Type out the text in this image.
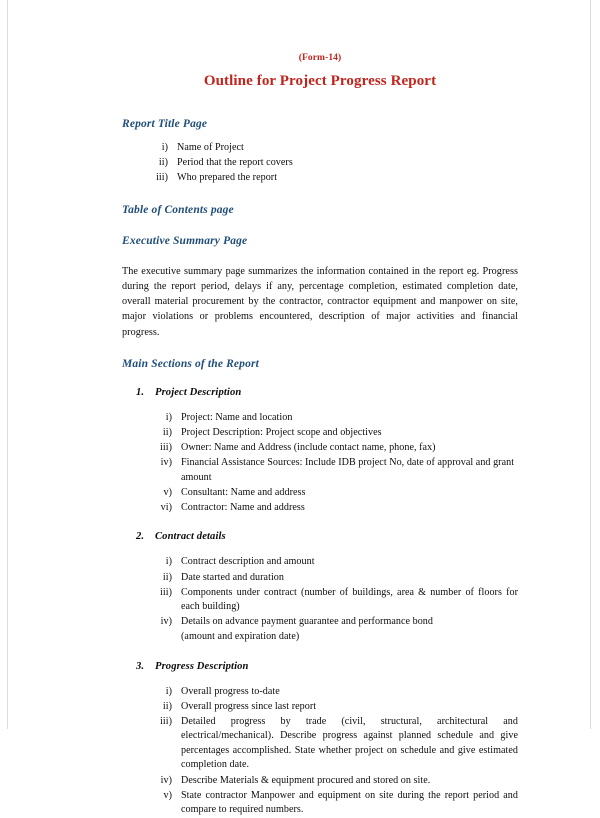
(Form-14)
Outline for Project Progress Report
Report Title Page
i) Name of Project
ii) Period that the report covers
iii) Who prepared the report
Table of Contents page
Executive Summary Page
The executive summary page summarizes the information contained in the report eg. Progress during the report period, delays if any, percentage completion, estimated completion date, overall material procurement by the contractor, contractor equipment and manpower on site, major violations or problems encountered, description of major activities and financial progress.
Main Sections of the Report
1.	Project Description
i) Project: Name and location
ii) Project Description: Project scope and objectives
iii) Owner: Name and Address (include contact name, phone, fax)
iv) Financial Assistance Sources: Include IDB project No, date of approval and grant amount
v) Consultant: Name and address
vi) Contractor: Name and address
2.	Contract details
i) Contract description and amount
ii) Date started and duration
iii) Components under contract (number of buildings, area & number of floors for each building)
iv) Details on advance payment guarantee and performance bond
(amount and expiration date)
3.	Progress Description
i) Overall progress to-date
ii) Overall progress since last report
iii) Detailed progress by trade (civil, structural, architectural and electrical/mechanical). Describe progress against planned schedule and give percentages accomplished. State whether project on schedule and give estimated completion date.
iv) Describe Materials & equipment procured and stored on site.
v) State contractor Manpower and equipment on site during the report period and compare to required numbers.
